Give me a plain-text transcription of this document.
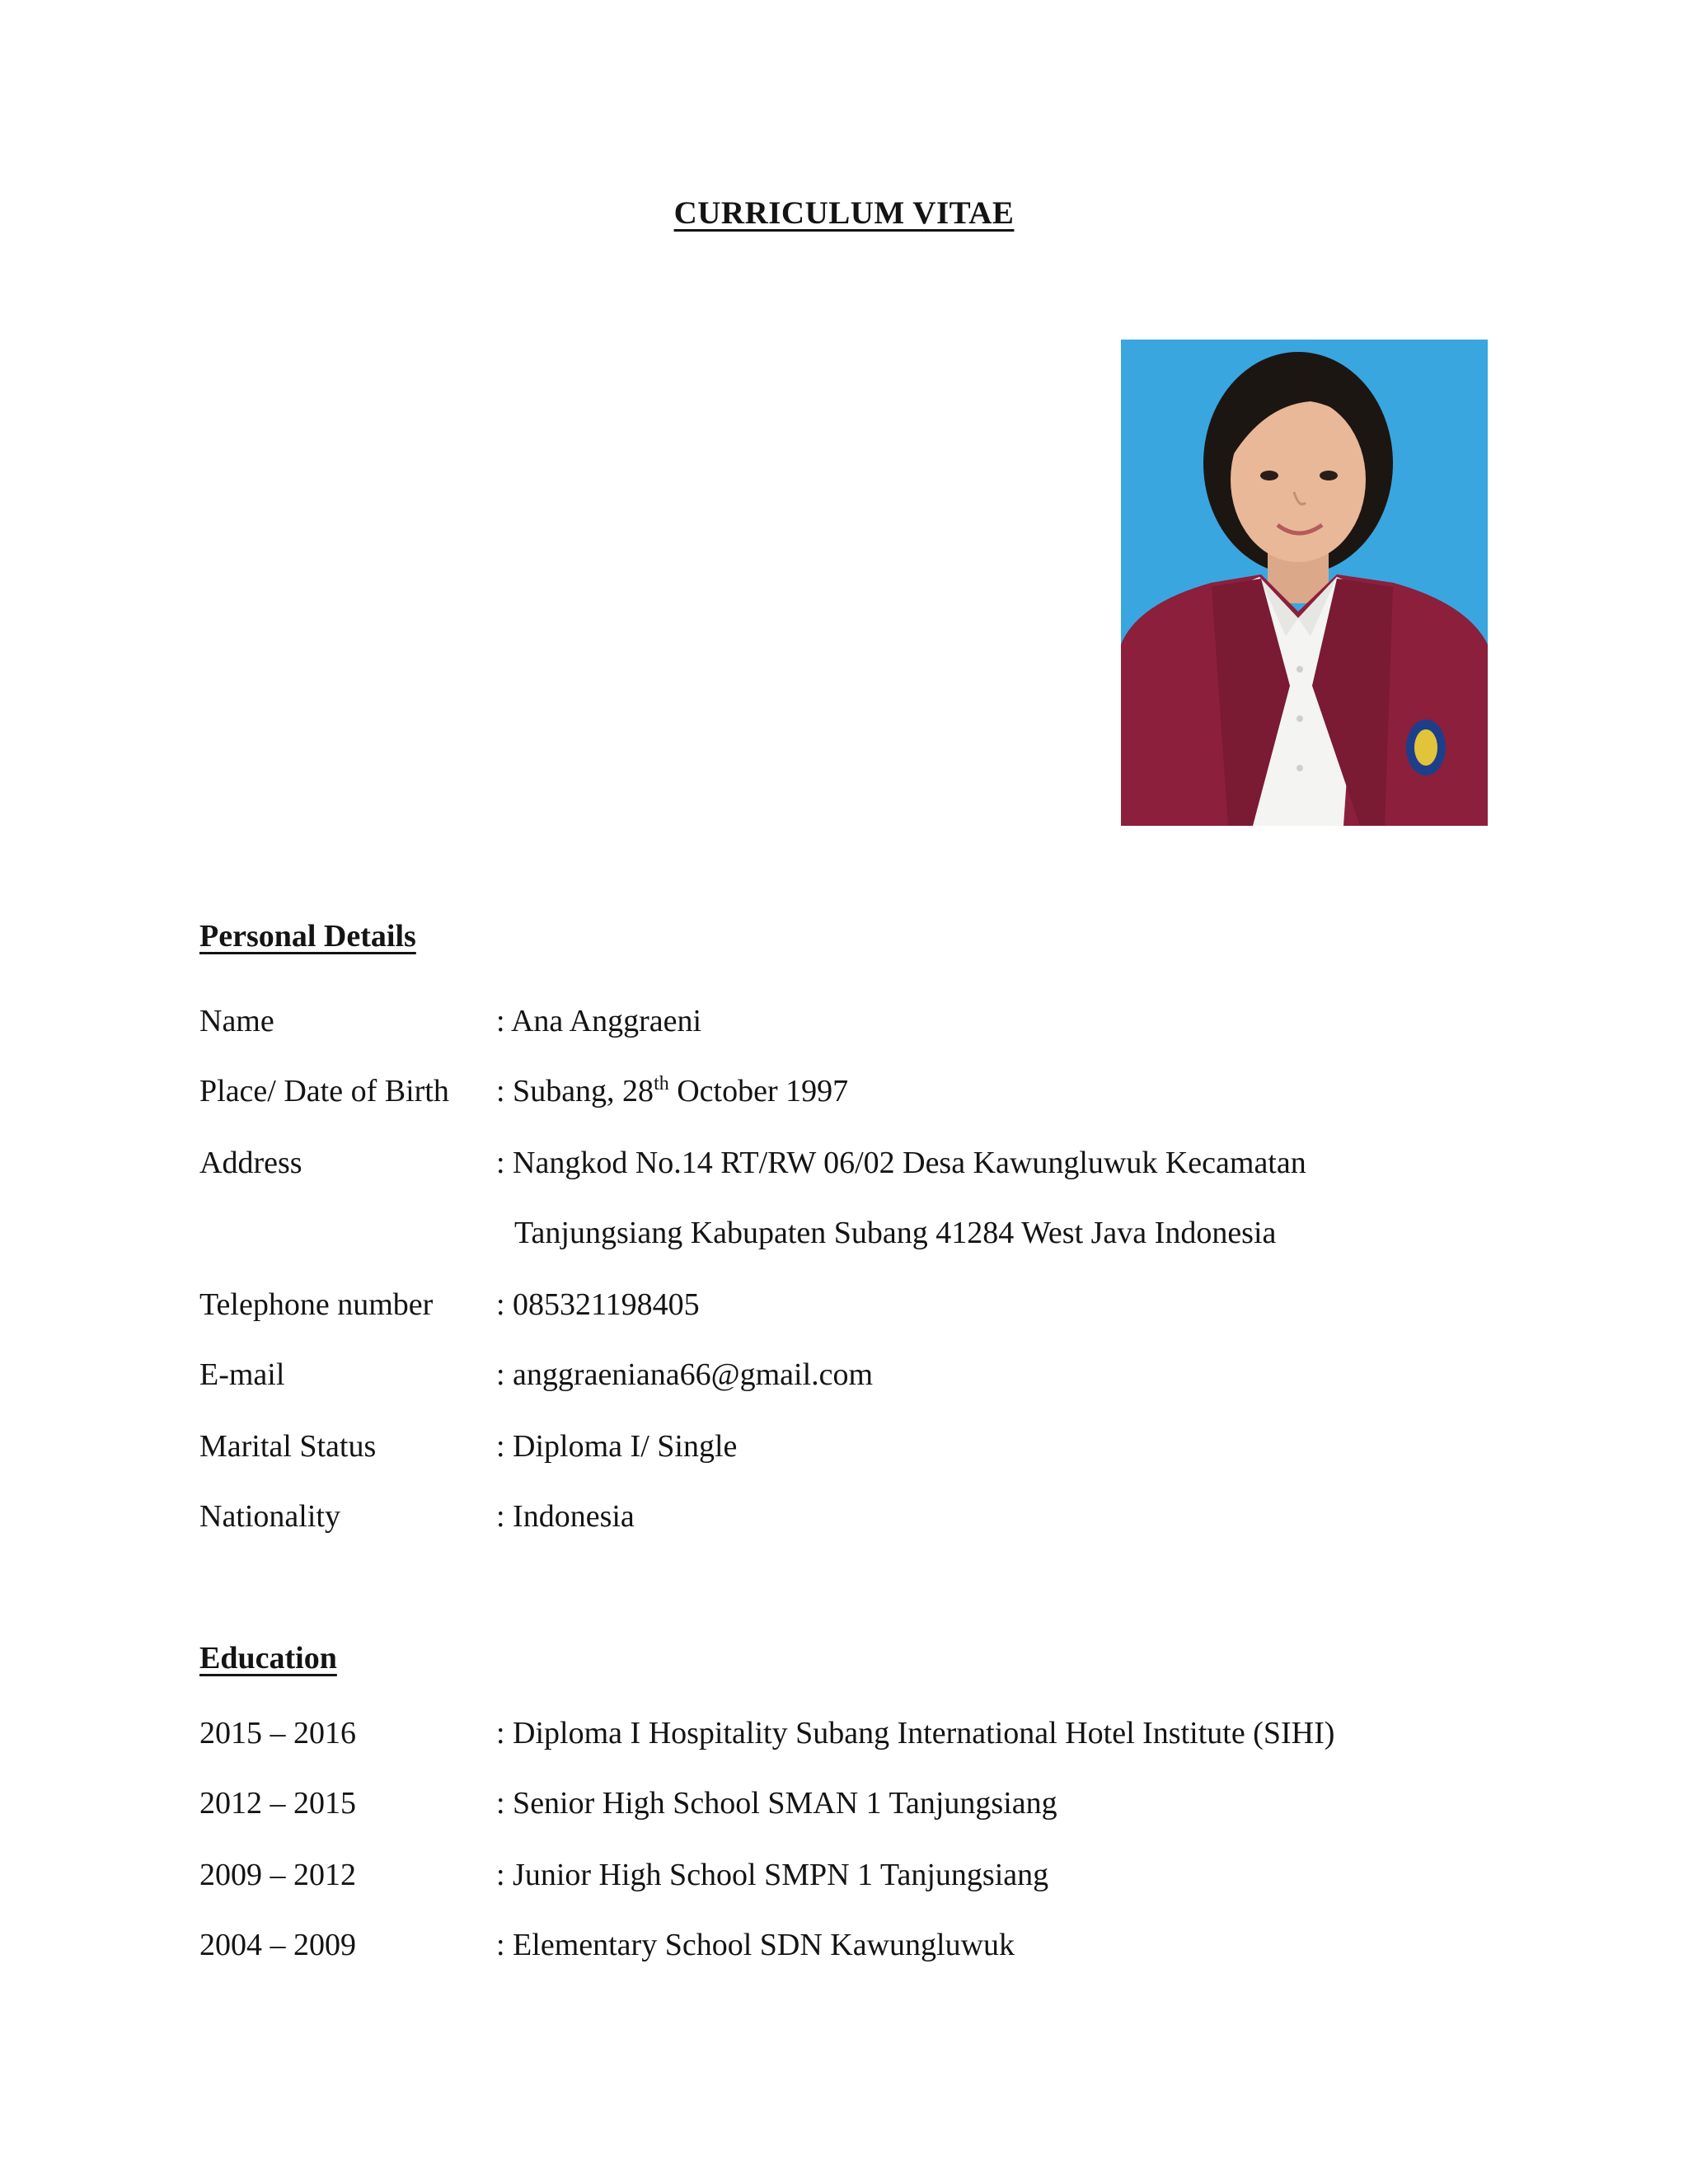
CURRICULUM VITAE
Personal Details
Name	: Ana Anggraeni
Place/ Date of Birth : Subang, 28th October 1997
Address	: Nangkod No.14 RT/RW 06/02 Desa Kawungluwuk Kecamatan
Tanjungsiang Kabupaten Subang 41284 West Java Indonesia
Telephone number : 085321198405
E-mail	: anggraeniana66@gmail.com
Marital Status	: Diploma I/ Single
Nationality	: Indonesia
Education
2015 – 2016	: Diploma I Hospitality Subang International Hotel Institute (SIHI)
2012 – 2015	: Senior High School SMAN 1 Tanjungsiang
2009 – 2012	: Junior High School SMPN 1 Tanjungsiang
2004 – 2009	: Elementary School SDN Kawungluwuk
